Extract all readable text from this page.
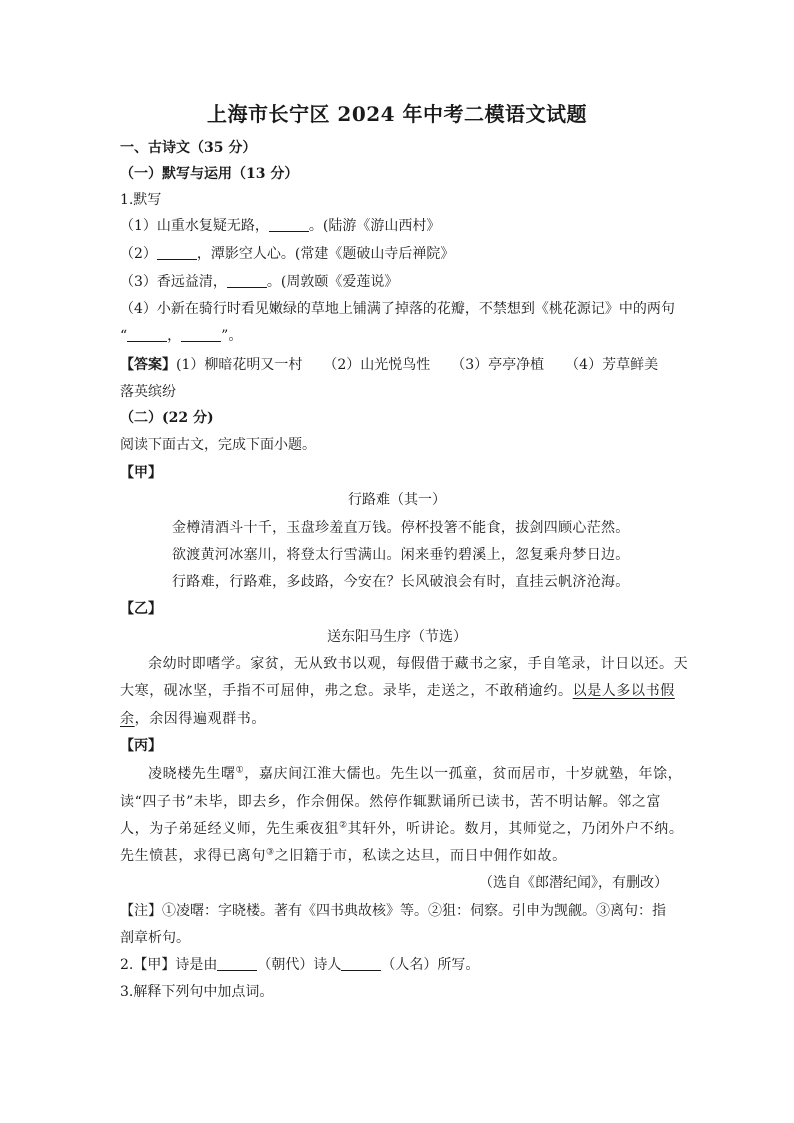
上海市长宁区 2024 年中考二模语文试题
一、古诗文（35 分）
（一）默写与运用（13 分）
1.默写
（1）山重水复疑无路，	。(陆游《游山西村》
（2）	，潭影空人心。(常建《题破山寺后禅院》
（3）香远益清，	。(周敦颐《爱莲说》
（4）小新在骑行时看见嫩绿的草地上铺满了掉落的花瓣，不禁想到《桃花源记》中的两句
“	，	”。
【答案】(1）柳暗花明又一村　　（2）山光悦鸟性　　（3）亭亭净植　　（4）芳草鲜美
落英缤纷
（二）(22 分)
阅读下面古文，完成下面小题。
【甲】
行路难（其一）
金樽清酒斗十千，玉盘珍羞直万钱。停杯投箸不能食，拔剑四顾心茫然。
欲渡黄河冰塞川，将登太行雪满山。闲来垂钓碧溪上，忽复乘舟梦日边。
行路难，行路难，多歧路，今安在？长风破浪会有时，直挂云帆济沧海。
【乙】
送东阳马生序（节选）
余幼时即嗜学。家贫，无从致书以观，每假借于藏书之家，手自笔录，计日以还。天
大寒，砚冰坚，手指不可屈伸，弗之怠。录毕，走送之，不敢稍逾约。以是人多以书假
余，余因得遍观群书。
【丙】
凌晓楼先生曙①，嘉庆间江淮大儒也。先生以一孤童，贫而居市，十岁就塾，年馀，
读“四子书”未毕，即去乡，作佘佣保。然停作辄默诵所已读书，苦不明诂解。邻之富
人，为子弟延经义师，先生乘夜狙②其轩外，听讲论。数月，其师觉之，乃闭外户不纳。
先生愤甚，求得已离句③之旧籍于市，私读之达旦，而日中佣作如故。
（选自《郎潜纪闻》，有删改）
【注】①凌曙：字晓楼。著有《四书典故核》等。②狙：伺察。引申为觊觎。③离句：指
剖章析句。
2.【甲】诗是由	（朝代）诗人	（人名）所写。
3.解释下列句中加点词。
